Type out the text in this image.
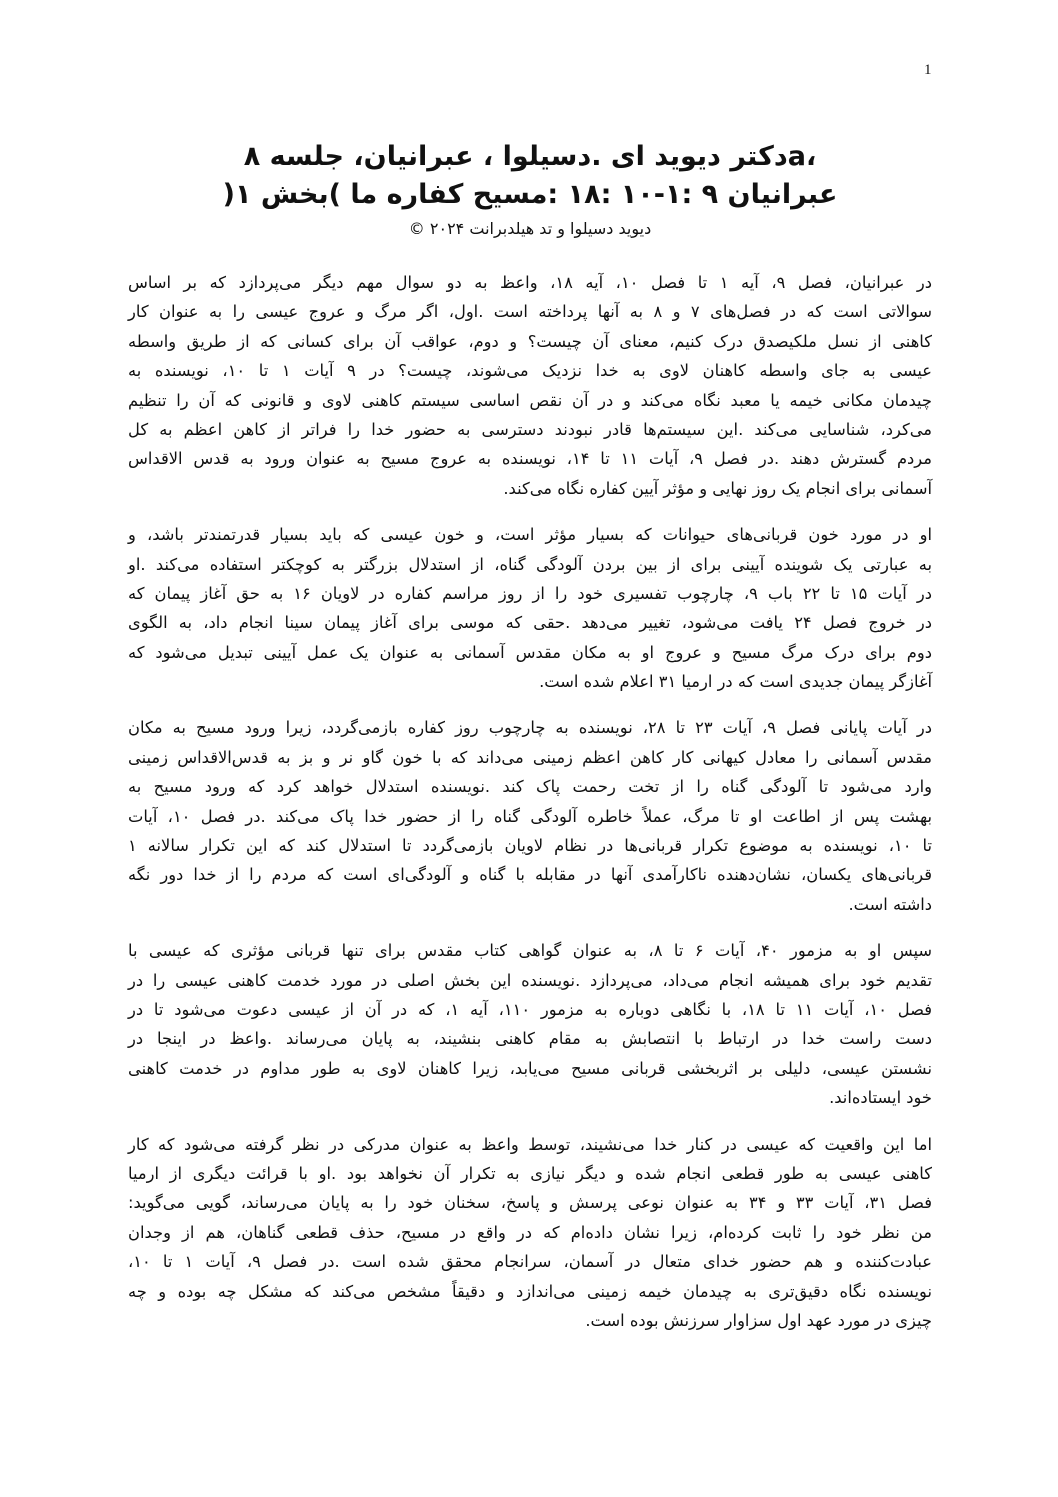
1
،aدکتر دیوید ای .دسیلوا ، عبرانیان، جلسه ۸
عبرانیان ۹ :۱-۱۰ :۱۸ :مسیح کفاره ما )بخش ۱(
دیوید دسیلوا و تد هیلدبرانت ۲۰۲۴ ©
در عبرانیان، فصل ۹، آیه ۱ تا فصل ۱۰، آیه ۱۸، واعظ به دو سوال مهم دیگر می‌پردازد که بر اساس
سوالاتی است که در فصل‌های ۷ و ۸ به آنها پرداخته است .اول، اگر مرگ و عروج عیسی را به عنوان کار
کاهنی از نسل ملکیصدق درک کنیم، معنای آن چیست؟ و دوم، عواقب آن برای کسانی که از طریق واسطه
عیسی به جای واسطه کاهنان لاوی به خدا نزدیک می‌شوند، چیست؟ در ۹ آیات ۱ تا ۱۰، نویسنده به
چیدمان مکانی خیمه یا معبد نگاه می‌کند و در آن نقص اساسی سیستم کاهنی لاوی و قانونی که آن را تنظیم
می‌کرد، شناسایی می‌کند .این سیستم‌ها قادر نبودند دسترسی به حضور خدا را فراتر از کاهن اعظم به کل
مردم گسترش دهند .در فصل ۹، آیات ۱۱ تا ۱۴، نویسنده به عروج مسیح به عنوان ورود به قدس الاقداس
آسمانی برای انجام یک روز نهایی و مؤثر آیین کفاره نگاه می‌کند.
او در مورد خون قربانی‌های حیوانات که بسیار مؤثر است، و خون عیسی که باید بسیار قدرتمندتر باشد، و
به عبارتی یک شوینده آیینی برای از بین بردن آلودگی گناه، از استدلال بزرگتر به کوچکتر استفاده می‌کند .او
در آیات ۱۵ تا ۲۲ باب ۹، چارچوب تفسیری خود را از روز مراسم کفاره در لاویان ۱۶ به حق آغاز پیمان که
در خروج فصل ۲۴ یافت می‌شود، تغییر می‌دهد .حقی که موسی برای آغاز پیمان سینا انجام داد، به الگوی
دوم برای درک مرگ مسیح و عروج او به مکان مقدس آسمانی به عنوان یک عمل آیینی تبدیل می‌شود که
آغازگر پیمان جدیدی است که در ارمیا ۳۱ اعلام شده است.
در آیات پایانی فصل ۹، آیات ۲۳ تا ۲۸، نویسنده به چارچوب روز کفاره بازمی‌گردد، زیرا ورود مسیح به مکان
مقدس آسمانی را معادل کیهانی کار کاهن اعظم زمینی می‌داند که با خون گاو نر و بز به قدس‌الاقداس زمینی
وارد می‌شود تا آلودگی گناه را از تخت رحمت پاک کند .نویسنده استدلال خواهد کرد که ورود مسیح به
بهشت پس از اطاعت او تا مرگ، عملاً خاطره آلودگی گناه را از حضور خدا پاک می‌کند .در فصل ۱۰، آیات
تا ۱۰، نویسنده به موضوع تکرار قربانی‌ها در نظام لاویان بازمی‌گردد تا استدلال کند که این تکرار سالانه ۱
قربانی‌های یکسان، نشان‌دهنده ناکارآمدی آنها در مقابله با گناه و آلودگی‌ای است که مردم را از خدا دور نگه
داشته است.
سپس او به مزمور ۴۰، آیات ۶ تا ۸، به عنوان گواهی کتاب مقدس برای تنها قربانی مؤثری که عیسی با
تقدیم خود برای همیشه انجام می‌داد، می‌پردازد .نویسنده این بخش اصلی در مورد خدمت کاهنی عیسی را در
فصل ۱۰، آیات ۱۱ تا ۱۸، با نگاهی دوباره به مزمور ۱۱۰، آیه ۱، که در آن از عیسی دعوت می‌شود تا در
دست راست خدا در ارتباط با انتصابش به مقام کاهنی بنشیند، به پایان می‌رساند .واعظ در اینجا در
نشستن عیسی، دلیلی بر اثربخشی قربانی مسیح می‌یابد، زیرا کاهنان لاوی به طور مداوم در خدمت کاهنی
خود ایستاده‌اند.
اما این واقعیت که عیسی در کنار خدا می‌نشیند، توسط واعظ به عنوان مدرکی در نظر گرفته می‌شود که کار
کاهنی عیسی به طور قطعی انجام شده و دیگر نیازی به تکرار آن نخواهد بود .او با قرائت دیگری از ارمیا
فصل ۳۱، آیات ۳۳ و ۳۴ به عنوان نوعی پرسش و پاسخ، سخنان خود را به پایان می‌رساند، گویی می‌گوید:
من نظر خود را ثابت کرده‌ام، زیرا نشان داده‌ام که در واقع در مسیح، حذف قطعی گناهان، هم از وجدان
عبادت‌کننده و هم حضور خدای متعال در آسمان، سرانجام محقق شده است .در فصل ۹، آیات ۱ تا ۱۰،
نویسنده نگاه دقیق‌تری به چیدمان خیمه زمینی می‌اندازد و دقیقاً مشخص می‌کند که مشکل چه بوده و چه
چیزی در مورد عهد اول سزاوار سرزنش بوده است.
